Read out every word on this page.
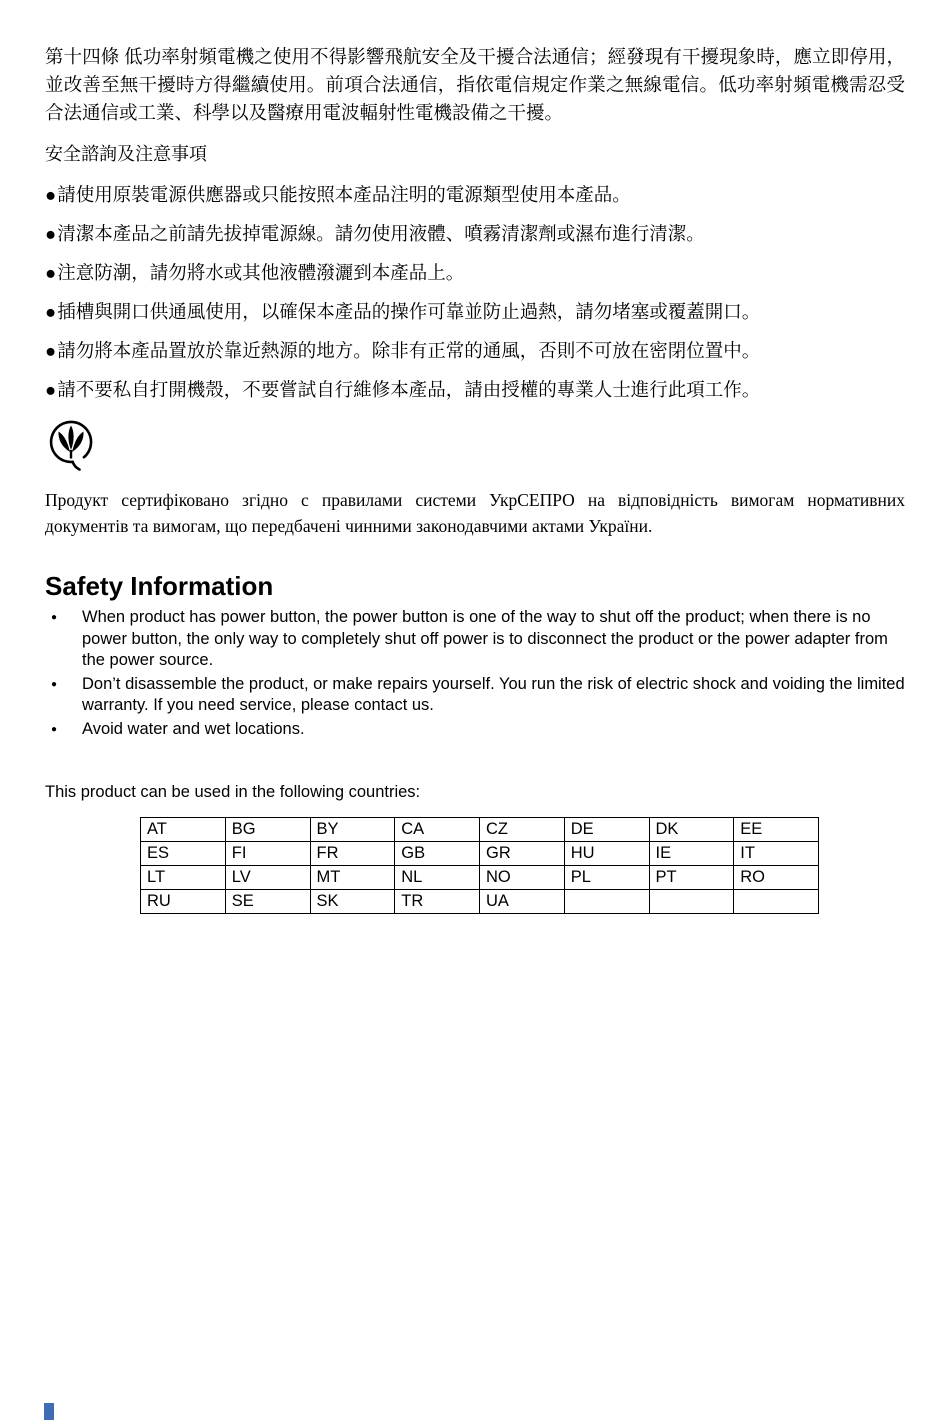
第十四條 低功率射頻電機之使用不得影響飛航安全及干擾合法通信；經發現有干擾現象時，應立即停用，並改善至無干擾時方得繼續使用。前項合法通信，指依電信規定作業之無線電信。低功率射頻電機需忍受合法通信或工業、科學以及醫療用電波輻射性電機設備之干擾。

安全諮詢及注意事項
● 請使用原裝電源供應器或只能按照本產品注明的電源類型使用本產品。
● 清潔本產品之前請先拔掉電源線。請勿使用液體、噴霧清潔劑或濕布進行清潔。
● 注意防潮，請勿將水或其他液體潑灑到本產品上。
● 插槽與開口供通風使用，以確保本產品的操作可靠並防止過熱，請勿堵塞或覆蓋開口。
● 請勿將本產品置放於靠近熱源的地方。除非有正常的通風，否則不可放在密閉位置中。
● 請不要私自打開機殼，不要嘗試自行維修本產品，請由授權的專業人士進行此項工作。

Продукт сертифіковано згідно с правилами системи УкрСЕПРО на відповідність вимогам нормативних документів та вимогам, що передбачені чинними законодавчими актами України.

Safety Information
●	When product has power button, the power button is one of the way to shut off the product; when there is no power button, the only way to completely shut off power is to disconnect the product or the power adapter from the power source.
●	Don’t disassemble the product, or make repairs yourself. You run the risk of electric shock and voiding the limited warranty. If you need service, please contact us.
●	Avoid water and wet locations.
This product can be used in the following countries:
AT	BG	BY	CA	CZ	DE	DK	EE
ES	FI	FR	GB	GR	HU	IE	IT
LT	LV	MT	NL	NO	PL	PT	RO
RU	SE	SK	TR	UA			
